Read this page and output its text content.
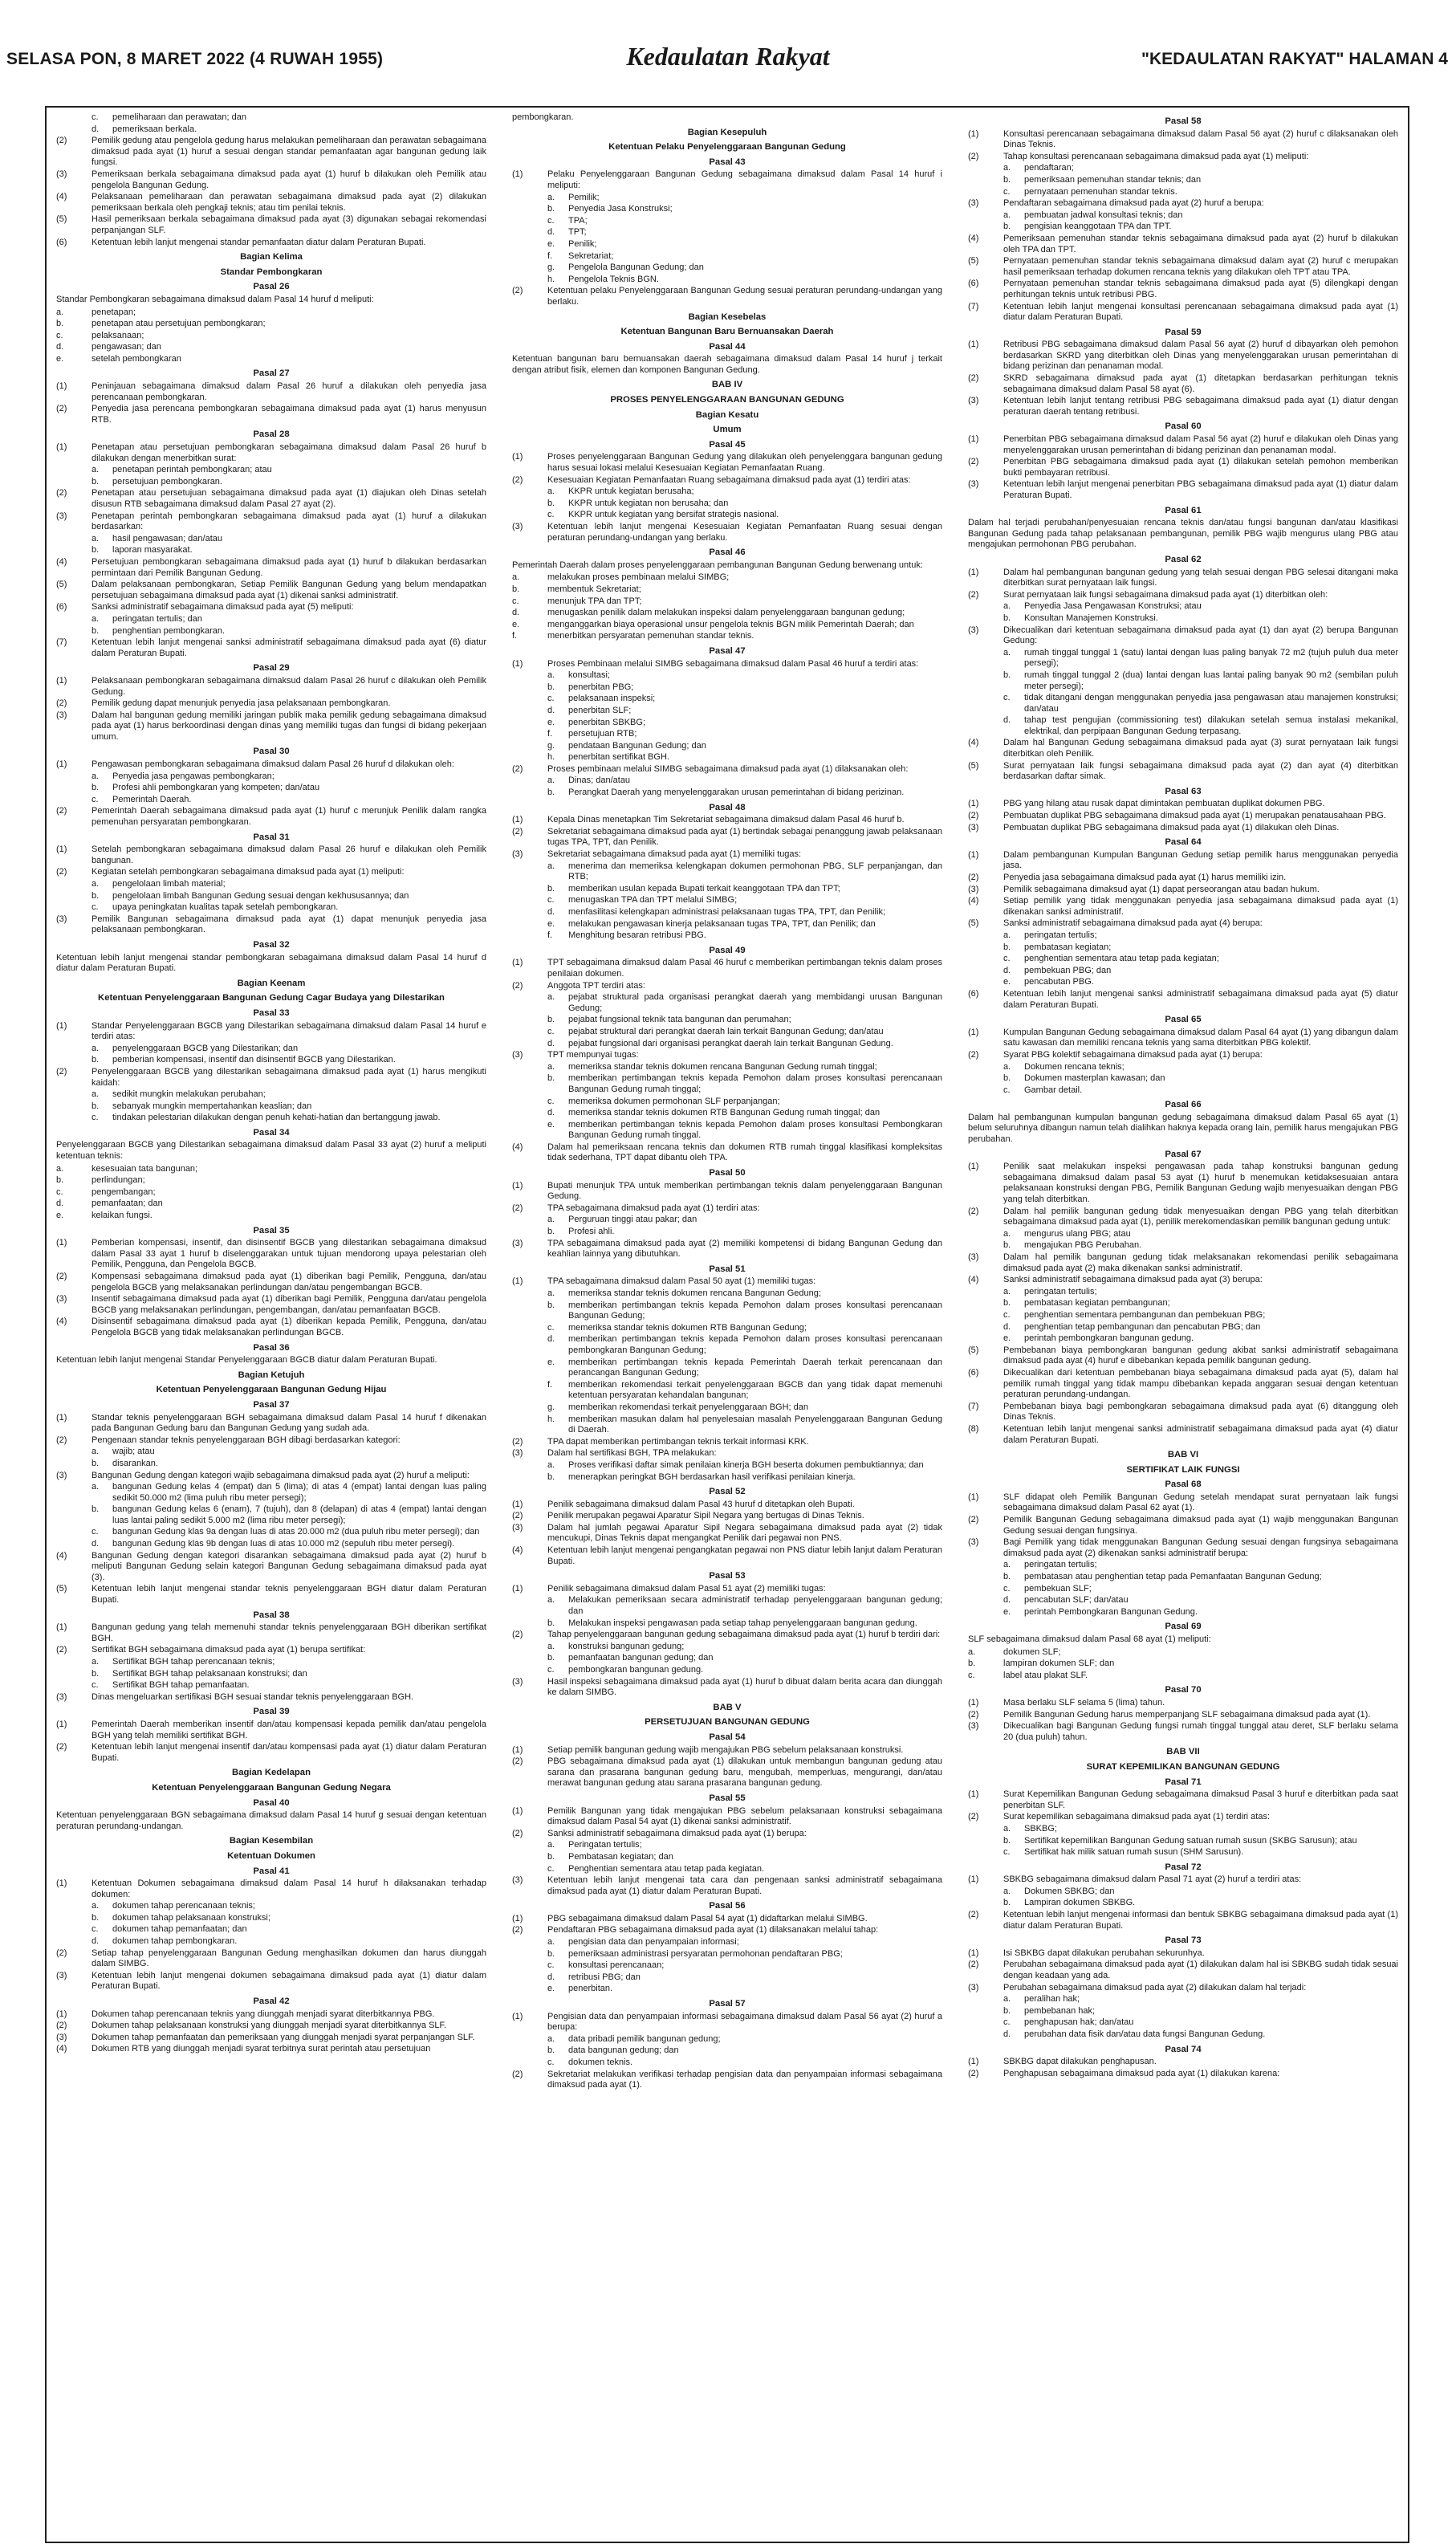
SELASA PON, 8 MARET 2022 (4 RUWAH 1955)	Kedaulatan Rakyat	"KEDAULATAN RAKYAT" HALAMAN 4
c.	pemeliharaan dan perawatan; dan
d.	pemeriksaan berkala.
(2)	Pemilik gedung atau pengelola gedung harus melakukan pemeliharaan dan perawatan sebagaimana dimaksud pada ayat (1) huruf a sesuai dengan standar pemanfaatan agar bangunan gedung laik fungsi.
(3)	Pemeriksaan berkala sebagaimana dimaksud pada ayat (1) huruf b dilakukan oleh Pemilik atau pengelola Bangunan Gedung.
(4)	Pelaksanaan pemeliharaan dan perawatan sebagaimana dimaksud pada ayat (2) dilakukan pemeriksaan berkala oleh pengkaji teknis; atau tim penilai teknis.
(5)	Hasil pemeriksaan berkala sebagaimana dimaksud pada ayat (3) digunakan sebagai rekomendasi perpanjangan SLF.
(6)	Ketentuan lebih lanjut mengenai standar pemanfaatan diatur dalam Peraturan Bupati.
Bagian Kelima
Standar Pembongkaran
Pasal 26
Standar Pembongkaran sebagaimana dimaksud dalam Pasal 14 huruf d meliputi:
a.	penetapan;
b.	penetapan atau persetujuan pembongkaran;
c.	pelaksanaan;
d.	pengawasan; dan
e.	setelah pembongkaran
Pasal 27
(1)	Peninjauan sebagaimana dimaksud dalam Pasal 26 huruf a dilakukan oleh penyedia jasa perencanaan pembongkaran.
(2)	Penyedia jasa perencana pembongkaran sebagaimana dimaksud pada ayat (1) harus menyusun RTB.
Pasal 28
(1)	Penetapan atau persetujuan pembongkaran sebagaimana dimaksud dalam Pasal 26 huruf b dilakukan dengan menerbitkan surat:
a.	penetapan perintah pembongkaran; atau
b.	persetujuan pembongkaran.
(2)	Penetapan atau persetujuan sebagaimana dimaksud pada ayat (1) diajukan oleh Dinas setelah disusun RTB sebagaimana dimaksud dalam Pasal 27 ayat (2).
(3)	Penetapan perintah pembongkaran sebagaimana dimaksud pada ayat (1) huruf a dilakukan berdasarkan:
a.	hasil pengawasan; dan/atau
b.	laporan masyarakat.
(4)	Persetujuan pembongkaran sebagaimana dimaksud pada ayat (1) huruf b dilakukan berdasarkan permintaan dari Pemilik Bangunan Gedung.
(5)	Dalam pelaksanaan pembongkaran, Setiap Pemilik Bangunan Gedung yang belum mendapatkan persetujuan sebagaimana dimaksud pada ayat (1) dikenai sanksi administratif.
(6)	Sanksi administratif sebagaimana dimaksud pada ayat (5) meliputi:
a.	peringatan tertulis; dan
b.	penghentian pembongkaran.
(7)	Ketentuan lebih lanjut mengenai sanksi administratif sebagaimana dimaksud pada ayat (6) diatur dalam Peraturan Bupati.
Pasal 29
(1)	Pelaksanaan pembongkaran sebagaimana dimaksud dalam Pasal 26 huruf c dilakukan oleh Pemilik Gedung.
(2)	Pemilik gedung dapat menunjuk penyedia jasa pelaksanaan pembongkaran.
(3)	Dalam hal bangunan gedung memiliki jaringan publik maka pemilik gedung sebagaimana dimaksud pada ayat (1) harus berkoordinasi dengan dinas yang memiliki tugas dan fungsi di bidang pekerjaan umum.
Pasal 30
(1)	Pengawasan pembongkaran sebagaimana dimaksud dalam Pasal 26 huruf d dilakukan oleh:
a.	Penyedia jasa pengawas pembongkaran;
b.	Profesi ahli pembongkaran yang kompeten; dan/atau
c.	Pemerintah Daerah.
(2)	Pemerintah Daerah sebagaimana dimaksud pada ayat (1) huruf c merunjuk Penilik dalam rangka pemenuhan persyaratan pembongkaran.
Pasal 31
(1)	Setelah pembongkaran sebagaimana dimaksud dalam Pasal 26 huruf e dilakukan oleh Pemilik bangunan.
(2)	Kegiatan setelah pembongkaran sebagaimana dimaksud pada ayat (1) meliputi:
a.	pengelolaan limbah material;
b.	pengelolaan limbah Bangunan Gedung sesuai dengan kekhususannya; dan
c.	upaya peningkatan kualitas tapak setelah pembongkaran.
(3)	Pemilik Bangunan sebagaimana dimaksud pada ayat (1) dapat menunjuk penyedia jasa pelaksanaan pembongkaran.
Pasal 32
Ketentuan lebih lanjut mengenai standar pembongkaran sebagaimana dimaksud dalam Pasal 14 huruf d diatur dalam Peraturan Bupati.
Bagian Keenam
Ketentuan Penyelenggaraan Bangunan Gedung Cagar Budaya yang Dilestarikan
Pasal 33
(1)	Standar Penyelenggaraan BGCB yang Dilestarikan sebagaimana dimaksud dalam Pasal 14 huruf e terdiri atas:
a.	penyelenggaraan BGCB yang Dilestarikan; dan
b.	pemberian kompensasi, insentif dan disinsentif BGCB yang Dilestarikan.
(2)	Penyelenggaraan BGCB yang dilestarikan sebagaimana dimaksud pada ayat (1) harus mengikuti kaidah:
a.	sedikit mungkin melakukan perubahan;
b.	sebanyak mungkin mempertahankan keaslian; dan
c.	tindakan pelestarian dilakukan dengan penuh kehati-hatian dan bertanggung jawab.
Pasal 34
Penyelenggaraan BGCB yang Dilestarikan sebagaimana dimaksud dalam Pasal 33 ayat (2) huruf a meliputi ketentuan teknis:
a.	kesesuaian tata bangunan;
b.	perlindungan;
c.	pengembangan;
d.	pemanfaatan; dan
e.	kelaikan fungsi.
Pasal 35
(1)	Pemberian kompensasi, insentif, dan disinsentif BGCB yang dilestarikan sebagaimana dimaksud dalam Pasal 33 ayat 1 huruf b diselenggarakan untuk tujuan mendorong upaya pelestarian oleh Pemilik, Pengguna, dan Pengelola BGCB.
(2)	Kompensasi sebagaimana dimaksud pada ayat (1) diberikan bagi Pemilik, Pengguna, dan/atau pengelola BGCB yang melaksanakan perlindungan dan/atau pengembangan BGCB.
(3)	Insentif sebagaimana dimaksud pada ayat (1) diberikan bagi Pemilik, Pengguna dan/atau pengelola BGCB yang melaksanakan perlindungan, pengembangan, dan/atau pemanfaatan BGCB.
(4)	Disinsentif sebagaimana dimaksud pada ayat (1) diberikan kepada Pemilik, Pengguna, dan/atau Pengelola BGCB yang tidak melaksanakan perlindungan BGCB.
Pasal 36
Ketentuan lebih lanjut mengenai Standar Penyelenggaraan BGCB diatur dalam Peraturan Bupati.
Bagian Ketujuh
Ketentuan Penyelenggaraan Bangunan Gedung Hijau
Pasal 37
(1)	Standar teknis penyelenggaraan BGH sebagaimana dimaksud dalam Pasal 14 huruf f dikenakan pada Bangunan Gedung baru dan Bangunan Gedung yang sudah ada.
(2)	Pengenaan standar teknis penyelenggaraan BGH dibagi berdasarkan kategori:
a.	wajib; atau
b.	disarankan.
(3)	Bangunan Gedung dengan kategori wajib sebagaimana dimaksud pada ayat (2) huruf a meliputi:
a.	bangunan Gedung kelas 4 (empat) dan 5 (lima); di atas 4 (empat) lantai dengan luas paling sedikit 50.000 m2 (lima puluh ribu meter persegi);
b.	bangunan Gedung kelas 6 (enam), 7 (tujuh), dan 8 (delapan) di atas 4 (empat) lantai dengan luas lantai paling sedikit 5.000 m2 (lima ribu meter persegi);
c.	bangunan Gedung klas 9a dengan luas di atas 20.000 m2 (dua puluh ribu meter persegi); dan
d.	bangunan Gedung klas 9b dengan luas di atas 10.000 m2 (sepuluh ribu meter persegi).
(4)	Bangunan Gedung dengan kategori disarankan sebagaimana dimaksud pada ayat (2) huruf b meliputi Bangunan Gedung selain kategori Bangunan Gedung sebagaimana dimaksud pada ayat (3).
(5)	Ketentuan lebih lanjut mengenai standar teknis penyelenggaraan BGH diatur dalam Peraturan Bupati.
Pasal 38
(1)	Bangunan gedung yang telah memenuhi standar teknis penyelenggaraan BGH diberikan sertifikat BGH.
(2)	Sertifikat BGH sebagaimana dimaksud pada ayat (1) berupa sertifikat:
a.	Sertifikat BGH tahap perencanaan teknis;
b.	Sertifikat BGH tahap pelaksanaan konstruksi; dan
c.	Sertifikat BGH tahap pemanfaatan.
(3)	Dinas mengeluarkan sertifikasi BGH sesuai standar teknis penyelenggaraan BGH.
Pasal 39
(1)	Pemerintah Daerah memberikan insentif dan/atau kompensasi kepada pemilik dan/atau pengelola BGH yang telah memiliki sertifikat BGH.
(2)	Ketentuan lebih lanjut mengenai insentif dan/atau kompensasi pada ayat (1) diatur dalam Peraturan Bupati.
Bagian Kedelapan
Ketentuan Penyelenggaraan Bangunan Gedung Negara
Pasal 40
Ketentuan penyelenggaraan BGN sebagaimana dimaksud dalam Pasal 14 huruf g sesuai dengan ketentuan peraturan perundang-undangan.
Bagian Kesembilan
Ketentuan Dokumen
Pasal 41
(1)	Ketentuan Dokumen sebagaimana dimaksud dalam Pasal 14 huruf h dilaksanakan terhadap dokumen:
a.	dokumen tahap perencanaan teknis;
b.	dokumen tahap pelaksanaan konstruksi;
c.	dokumen tahap pemanfaatan; dan
d.	dokumen tahap pembongkaran.
(2)	Setiap tahap penyelenggaraan Bangunan Gedung menghasilkan dokumen dan harus diunggah dalam SIMBG.
(3)	Ketentuan lebih lanjut mengenai dokumen sebagaimana dimaksud pada ayat (1) diatur dalam Peraturan Bupati.
Pasal 42
(1)	Dokumen tahap perencanaan teknis yang diunggah menjadi syarat diterbitkannya PBG.
(2)	Dokumen tahap pelaksanaan konstruksi yang diunggah menjadi syarat diterbitkannya SLF.
(3)	Dokumen tahap pemanfaatan dan pemeriksaan yang diunggah menjadi syarat perpanjangan SLF.
(4)	Dokumen RTB yang diunggah menjadi syarat terbitnya surat perintah atau persetujuan
pembongkaran.
Bagian Kesepuluh
Ketentuan Pelaku Penyelenggaraan Bangunan Gedung
Pasal 43
(1)	Pelaku Penyelenggaraan Bangunan Gedung sebagaimana dimaksud dalam Pasal 14 huruf i meliputi:
a.	Pemilik;
b.	Penyedia Jasa Konstruksi;
c.	TPA;
d.	TPT;
e.	Penilik;
f.	Sekretariat;
g.	Pengelola Bangunan Gedung; dan
h.	Pengelola Teknis BGN.
(2)	Ketentuan pelaku Penyelenggaraan Bangunan Gedung sesuai peraturan perundang-undangan yang berlaku.
Bagian Kesebelas
Ketentuan Bangunan Baru Bernuansakan Daerah
Pasal 44
Ketentuan bangunan baru bernuansakan daerah sebagaimana dimaksud dalam Pasal 14 huruf j terkait dengan atribut fisik, elemen dan komponen Bangunan Gedung.
BAB IV
PROSES PENYELENGGARAAN BANGUNAN GEDUNG
Bagian Kesatu
Umum
Pasal 45
(1)	Proses penyelenggaraan Bangunan Gedung yang dilakukan oleh penyelenggara bangunan gedung harus sesuai lokasi melalui Kesesuaian Kegiatan Pemanfaatan Ruang.
(2)	Kesesuaian Kegiatan Pemanfaatan Ruang sebagaimana dimaksud pada ayat (1) terdiri atas:
a.	KKPR untuk kegiatan berusaha;
b.	KKPR untuk kegiatan non berusaha; dan
c.	KKPR untuk kegiatan yang bersifat strategis nasional.
(3)	Ketentuan lebih lanjut mengenai Kesesuaian Kegiatan Pemanfaatan Ruang sesuai dengan peraturan perundang-undangan yang berlaku.
Pasal 46
Pemerintah Daerah dalam proses penyelenggaraan pembangunan Bangunan Gedung berwenang untuk:
a.	melakukan proses pembinaan melalui SIMBG;
b.	membentuk Sekretariat;
c.	menunjuk TPA dan TPT;
d.	menugaskan penilik dalam melakukan inspeksi dalam penyelenggaraan bangunan gedung;
e.	menganggarkan biaya operasional unsur pengelola teknis BGN milik Pemerintah Daerah; dan
f.	menerbitkan persyaratan pemenuhan standar teknis.
Pasal 47
(1)	Proses Pembinaan melalui SIMBG sebagaimana dimaksud dalam Pasal 46 huruf a terdiri atas:
a.	konsultasi;
b.	penerbitan PBG;
c.	pelaksanaan inspeksi;
d.	penerbitan SLF;
e.	penerbitan SBKBG;
f.	persetujuan RTB;
g.	pendataan Bangunan Gedung; dan
h.	penerbitan sertifikat BGH.
(2)	Proses pembinaan melalui SIMBG sebagaimana dimaksud pada ayat (1) dilaksanakan oleh:
a.	Dinas; dan/atau
b.	Perangkat Daerah yang menyelenggarakan urusan pemerintahan di bidang perizinan.
Pasal 48
(1)	Kepala Dinas menetapkan Tim Sekretariat sebagaimana dimaksud dalam Pasal 46 huruf b.
(2)	Sekretariat sebagaimana dimaksud pada ayat (1) bertindak sebagai penanggung jawab pelaksanaan tugas TPA, TPT, dan Penilik.
(3)	Sekretariat sebagaimana dimaksud pada ayat (1) memiliki tugas:
a.	menerima dan memeriksa kelengkapan dokumen permohonan PBG, SLF perpanjangan, dan RTB;
b.	memberikan usulan kepada Bupati terkait keanggotaan TPA dan TPT;
c.	menugaskan TPA dan TPT melalui SIMBG;
d.	menfasilitasi kelengkapan administrasi pelaksanaan tugas TPA, TPT, dan Penilik;
e.	melakukan pengawasan kinerja pelaksanaan tugas TPA, TPT, dan Penilik; dan
f.	Menghitung besaran retribusi PBG.
Pasal 49
(1)	TPT sebagaimana dimaksud dalam Pasal 46 huruf c memberikan pertimbangan teknis dalam proses penilaian dokumen.
(2)	Anggota TPT terdiri atas:
a.	pejabat struktural pada organisasi perangkat daerah yang membidangi urusan Bangunan Gedung;
b.	pejabat fungsional teknik tata bangunan dan perumahan;
c.	pejabat struktural dari perangkat daerah lain terkait Bangunan Gedung; dan/atau
d.	pejabat fungsional dari organisasi perangkat daerah lain terkait Bangunan Gedung.
(3)	TPT mempunyai tugas:
a.	memeriksa standar teknis dokumen rencana Bangunan Gedung rumah tinggal;
b.	memberikan pertimbangan teknis kepada Pemohon dalam proses konsultasi perencanaan Bangunan Gedung rumah tinggal;
c.	memeriksa dokumen permohonan SLF perpanjangan;
d.	memeriksa standar teknis dokumen RTB Bangunan Gedung rumah tinggal; dan
e.	memberikan pertimbangan teknis kepada Pemohon dalam proses konsultasi Pembongkaran Bangunan Gedung rumah tinggal.
(4)	Dalam hal pemeriksaan rencana teknis dan dokumen RTB rumah tinggal klasifikasi kompleksitas tidak sederhana, TPT dapat dibantu oleh TPA.
Pasal 50
(1)	Bupati menunjuk TPA untuk memberikan pertimbangan teknis dalam penyelenggaraan Bangunan Gedung.
(2)	TPA sebagaimana dimaksud pada ayat (1) terdiri atas:
a.	Perguruan tinggi atau pakar; dan
b.	Profesi ahli.
(3)	TPA sebagaimana dimaksud pada ayat (2) memiliki kompetensi di bidang Bangunan Gedung dan keahlian lainnya yang dibutuhkan.
Pasal 51
(1)	TPA sebagaimana dimaksud dalam Pasal 50 ayat (1) memiliki tugas:
a.	memeriksa standar teknis dokumen rencana Bangunan Gedung;
b.	memberikan pertimbangan teknis kepada Pemohon dalam proses konsultasi perencanaan Bangunan Gedung;
c.	memeriksa standar teknis dokumen RTB Bangunan Gedung;
d.	memberikan pertimbangan teknis kepada Pemohon dalam proses konsultasi perencanaan pembongkaran Bangunan Gedung;
e.	memberikan pertimbangan teknis kepada Pemerintah Daerah terkait perencanaan dan perancangan Bangunan Gedung;
f.	memberikan rekomendasi terkait penyelenggaraan BGCB dan yang tidak dapat memenuhi ketentuan persyaratan kehandalan bangunan;
g.	memberikan rekomendasi terkait penyelenggaraan BGH; dan
h.	memberikan masukan dalam hal penyelesaian masalah Penyelenggaraan Bangunan Gedung di Daerah.
(2)	TPA dapat memberikan pertimbangan teknis terkait informasi KRK.
(3)	Dalam hal sertifikasi BGH, TPA melakukan:
a.	Proses verifikasi daftar simak penilaian kinerja BGH beserta dokumen pembuktiannya; dan
b.	menerapkan peringkat BGH berdasarkan hasil verifikasi penilaian kinerja.
Pasal 52
(1)	Penilik sebagaimana dimaksud dalam Pasal 43 huruf d ditetapkan oleh Bupati.
(2)	Penilik merupakan pegawai Aparatur Sipil Negara yang bertugas di Dinas Teknis.
(3)	Dalam hal jumlah pegawai Aparatur Sipil Negara sebagaimana dimaksud pada ayat (2) tidak mencukupi, Dinas Teknis dapat mengangkat Penilik dari pegawai non PNS.
(4)	Ketentuan lebih lanjut mengenai pengangkatan pegawai non PNS diatur lebih lanjut dalam Peraturan Bupati.
Pasal 53
(1)	Penilik sebagaimana dimaksud dalam Pasal 51 ayat (2) memiliki tugas:
a.	Melakukan pemeriksaan secara administratif terhadap penyelenggaraan bangunan gedung; dan
b.	Melakukan inspeksi pengawasan pada setiap tahap penyelenggaraan bangunan gedung.
(2)	Tahap penyelenggaraan bangunan gedung sebagaimana dimaksud pada ayat (1) huruf b terdiri dari:
a.	konstruksi bangunan gedung;
b.	pemanfaatan bangunan gedung; dan
c.	pembongkaran bangunan gedung.
(3)	Hasil inspeksi sebagaimana dimaksud pada ayat (1) huruf b dibuat dalam berita acara dan diunggah ke dalam SIMBG.
BAB V
PERSETUJUAN BANGUNAN GEDUNG
Pasal 54
(1)	Setiap pemilik bangunan gedung wajib mengajukan PBG sebelum pelaksanaan konstruksi.
(2)	PBG sebagaimana dimaksud pada ayat (1) dilakukan untuk membangun bangunan gedung atau sarana dan prasarana bangunan gedung baru, mengubah, memperluas, mengurangi, dan/atau merawat bangunan gedung atau sarana prasarana bangunan gedung.
Pasal 55
(1)	Pemilik Bangunan yang tidak mengajukan PBG sebelum pelaksanaan konstruksi sebagaimana dimaksud dalam Pasal 54 ayat (1) dikenai sanksi administratif.
(2)	Sanksi administratif sebagaimana dimaksud pada ayat (1) berupa:
a.	Peringatan tertulis;
b.	Pembatasan kegiatan; dan
c.	Penghentian sementara atau tetap pada kegiatan.
(3)	Ketentuan lebih lanjut mengenai tata cara dan pengenaan sanksi administratif sebagaimana dimaksud pada ayat (1) diatur dalam Peraturan Bupati.
Pasal 56
(1)	PBG sebagaimana dimaksud dalam Pasal 54 ayat (1) didaftarkan melalui SIMBG.
(2)	Pendaftaran PBG sebagaimana dimaksud pada ayat (1) dilaksanakan melalui tahap:
a.	pengisian data dan penyampaian informasi;
b.	pemeriksaan administrasi persyaratan permohonan pendaftaran PBG;
c.	konsultasi perencanaan;
d.	retribusi PBG; dan
e.	penerbitan.
Pasal 57
(1)	Pengisian data dan penyampaian informasi sebagaimana dimaksud dalam Pasal 56 ayat (2) huruf a berupa:
a.	data pribadi pemilik bangunan gedung;
b.	data bangunan gedung; dan
c.	dokumen teknis.
(2)	Sekretariat melakukan verifikasi terhadap pengisian data dan penyampaian informasi sebagaimana dimaksud pada ayat (1).
Pasal 58
(1)	Konsultasi perencanaan sebagaimana dimaksud dalam Pasal 56 ayat (2) huruf c dilaksanakan oleh Dinas Teknis.
(2)	Tahap konsultasi perencanaan sebagaimana dimaksud pada ayat (1) meliputi:
a.	pendaftaran;
b.	pemeriksaan pemenuhan standar teknis; dan
c.	pernyataan pemenuhan standar teknis.
(3)	Pendaftaran sebagaimana dimaksud pada ayat (2) huruf a berupa:
a.	pembuatan jadwal konsultasi teknis; dan
b.	pengisian keanggotaan TPA dan TPT.
(4)	Pemeriksaan pemenuhan standar teknis sebagaimana dimaksud pada ayat (2) huruf b dilakukan oleh TPA dan TPT.
(5)	Pernyataan pemenuhan standar teknis sebagaimana dimaksud dalam ayat (2) huruf c merupakan hasil pemeriksaan terhadap dokumen rencana teknis yang dilakukan oleh TPT atau TPA.
(6)	Pernyataan pemenuhan standar teknis sebagaimana dimaksud pada ayat (5) dilengkapi dengan perhitungan teknis untuk retribusi PBG.
(7)	Ketentuan lebih lanjut mengenai konsultasi perencanaan sebagaimana dimaksud pada ayat (1) diatur dalam Peraturan Bupati.
Pasal 59
(1)	Retribusi PBG sebagaimana dimaksud dalam Pasal 56 ayat (2) huruf d dibayarkan oleh pemohon berdasarkan SKRD yang diterbitkan oleh Dinas yang menyelenggarakan urusan pemerintahan di bidang perizinan dan penanaman modal.
(2)	SKRD sebagaimana dimaksud pada ayat (1) ditetapkan berdasarkan perhitungan teknis sebagaimana dimaksud dalam Pasal 58 ayat (6).
(3)	Ketentuan lebih lanjut tentang retribusi PBG sebagaimana dimaksud pada ayat (1) diatur dengan peraturan daerah tentang retribusi.
Pasal 60
(1)	Penerbitan PBG sebagaimana dimaksud dalam Pasal 56 ayat (2) huruf e dilakukan oleh Dinas yang menyelenggarakan urusan pemerintahan di bidang perizinan dan penanaman modal.
(2)	Penerbitan PBG sebagaimana dimaksud pada ayat (1) dilakukan setelah pemohon memberikan bukti pembayaran retribusi.
(3)	Ketentuan lebih lanjut mengenai penerbitan PBG sebagaimana dimaksud pada ayat (1) diatur dalam Peraturan Bupati.
Pasal 61
Dalam hal terjadi perubahan/penyesuaian rencana teknis dan/atau fungsi bangunan dan/atau klasifikasi Bangunan Gedung pada tahap pelaksanaan pembangunan, pemilik PBG wajib mengurus ulang PBG atau mengajukan permohonan PBG perubahan.
Pasal 62
(1)	Dalam hal pembangunan bangunan gedung yang telah sesuai dengan PBG selesai ditangani maka diterbitkan surat pernyataan laik fungsi.
(2)	Surat pernyataan laik fungsi sebagaimana dimaksud pada ayat (1) diterbitkan oleh:
a.	Penyedia Jasa Pengawasan Konstruksi; atau
b.	Konsultan Manajemen Konstruksi.
(3)	Dikecualikan dari ketentuan sebagaimana dimaksud pada ayat (1) dan ayat (2) berupa Bangunan Gedung:
a.	rumah tinggal tunggal 1 (satu) lantai dengan luas paling banyak 72 m2 (tujuh puluh dua meter persegi);
b.	rumah tinggal tunggal 2 (dua) lantai dengan luas lantai paling banyak 90 m2 (sembilan puluh meter persegi);
c.	tidak ditangani dengan menggunakan penyedia jasa pengawasan atau manajemen konstruksi; dan/atau
d.	tahap test pengujian (commissioning test) dilakukan setelah semua instalasi mekanikal, elektrikal, dan perpipaan Bangunan Gedung terpasang.
(4)	Dalam hal Bangunan Gedung sebagaimana dimaksud pada ayat (3) surat pernyataan laik fungsi diterbitkan oleh Penilik.
(5)	Surat pernyataan laik fungsi sebagaimana dimaksud pada ayat (2) dan ayat (4) diterbitkan berdasarkan daftar simak.
Pasal 63
(1)	PBG yang hilang atau rusak dapat dimintakan pembuatan duplikat dokumen PBG.
(2)	Pembuatan duplikat PBG sebagaimana dimaksud pada ayat (1) merupakan penatausahaan PBG.
(3)	Pembuatan duplikat PBG sebagaimana dimaksud pada ayat (1) dilakukan oleh Dinas.
Pasal 64
(1)	Dalam pembangunan Kumpulan Bangunan Gedung setiap pemilik harus menggunakan penyedia jasa.
(2)	Penyedia jasa sebagaimana dimaksud pada ayat (1) harus memiliki izin.
(3)	Pemilik sebagaimana dimaksud ayat (1) dapat perseorangan atau badan hukum.
(4)	Setiap pemilik yang tidak menggunakan penyedia jasa sebagaimana dimaksud pada ayat (1) dikenakan sanksi administratif.
(5)	Sanksi administratif sebagaimana dimaksud pada ayat (4) berupa:
a.	peringatan tertulis;
b.	pembatasan kegiatan;
c.	penghentian sementara atau tetap pada kegiatan;
d.	pembekuan PBG; dan
e.	pencabutan PBG.
(6)	Ketentuan lebih lanjut mengenai sanksi administratif sebagaimana dimaksud pada ayat (5) diatur dalam Peraturan Bupati.
Pasal 65
(1)	Kumpulan Bangunan Gedung sebagaimana dimaksud dalam Pasal 64 ayat (1) yang dibangun dalam satu kawasan dan memiliki rencana teknis yang sama diterbitkan PBG kolektif.
(2)	Syarat PBG kolektif sebagaimana dimaksud pada ayat (1) berupa:
a.	Dokumen rencana teknis;
b.	Dokumen masterplan kawasan; dan
c.	Gambar detail.
Pasal 66
Dalam hal pembangunan kumpulan bangunan gedung sebagaimana dimaksud dalam Pasal 65 ayat (1) belum seluruhnya dibangun namun telah dialihkan haknya kepada orang lain, pemilik harus mengajukan PBG perubahan.
Pasal 67
(1)	Penilik saat melakukan inspeksi pengawasan pada tahap konstruksi bangunan gedung sebagaimana dimaksud dalam pasal 53 ayat (1) huruf b menemukan ketidaksesuaian antara pelaksanaan konstruksi dengan PBG, Pemilik Bangunan Gedung wajib menyesuaikan dengan PBG yang telah diterbitkan.
(2)	Dalam hal pemilik bangunan gedung tidak menyesuaikan dengan PBG yang telah diterbitkan sebagaimana dimaksud pada ayat (1), penilik merekomendasikan pemilik bangunan gedung untuk:
a.	mengurus ulang PBG; atau
b.	mengajukan PBG Perubahan.
(3)	Dalam hal pemilik bangunan gedung tidak melaksanakan rekomendasi penilik sebagaimana dimaksud pada ayat (2) maka dikenakan sanksi administratif.
(4)	Sanksi administratif sebagaimana dimaksud pada ayat (3) berupa:
a.	peringatan tertulis;
b.	pembatasan kegiatan pembangunan;
c.	penghentian sementara pembangunan dan pembekuan PBG;
d.	penghentian tetap pembangunan dan pencabutan PBG; dan
e.	perintah pembongkaran bangunan gedung.
(5)	Pembebanan biaya pembongkaran bangunan gedung akibat sanksi administratif sebagaimana dimaksud pada ayat (4) huruf e dibebankan kepada pemilik bangunan gedung.
(6)	Dikecualikan dari ketentuan pembebanan biaya sebagaimana dimaksud pada ayat (5), dalam hal pemilik rumah tinggal yang tidak mampu dibebankan kepada anggaran sesuai dengan ketentuan peraturan perundang-undangan.
(7)	Pembebanan biaya bagi pembongkaran sebagaimana dimaksud pada ayat (6) ditanggung oleh Dinas Teknis.
(8)	Ketentuan lebih lanjut mengenai sanksi administratif sebagaimana dimaksud pada ayat (4) diatur dalam Peraturan Bupati.
BAB VI
SERTIFIKAT LAIK FUNGSI
Pasal 68
(1)	SLF didapat oleh Pemilik Bangunan Gedung setelah mendapat surat pernyataan laik fungsi sebagaimana dimaksud dalam Pasal 62 ayat (1).
(2)	Pemilik Bangunan Gedung sebagaimana dimaksud pada ayat (1) wajib menggunakan Bangunan Gedung sesuai dengan fungsinya.
(3)	Bagi Pemilik yang tidak menggunakan Bangunan Gedung sesuai dengan fungsinya sebagaimana dimaksud pada ayat (2) dikenakan sanksi administratif berupa:
a.	peringatan tertulis;
b.	pembatasan atau penghentian tetap pada Pemanfaatan Bangunan Gedung;
c.	pembekuan SLF;
d.	pencabutan SLF; dan/atau
e.	perintah Pembongkaran Bangunan Gedung.
Pasal 69
SLF sebagaimana dimaksud dalam Pasal 68 ayat (1) meliputi:
a.	dokumen SLF;
b.	lampiran dokumen SLF; dan
c.	label atau plakat SLF.
Pasal 70
(1)	Masa berlaku SLF selama 5 (lima) tahun.
(2)	Pemilik Bangunan Gedung harus memperpanjang SLF sebagaimana dimaksud pada ayat (1).
(3)	Dikecualikan bagi Bangunan Gedung fungsi rumah tinggal tunggal atau deret, SLF berlaku selama 20 (dua puluh) tahun.
BAB VII
SURAT KEPEMILIKAN BANGUNAN GEDUNG
Pasal 71
(1)	Surat Kepemilikan Bangunan Gedung sebagaimana dimaksud Pasal 3 huruf e diterbitkan pada saat penerbitan SLF.
(2)	Surat kepemilikan sebagaimana dimaksud pada ayat (1) terdiri atas:
a.	SBKBG;
b.	Sertifikat kepemilikan Bangunan Gedung satuan rumah susun (SKBG Sarusun); atau
c.	Sertifikat hak milik satuan rumah susun (SHM Sarusun).
Pasal 72
(1)	SBKBG sebagaimana dimaksud dalam Pasal 71 ayat (2) huruf a terdiri atas:
a.	Dokumen SBKBG; dan
b.	Lampiran dokumen SBKBG.
(2)	Ketentuan lebih lanjut mengenai informasi dan bentuk SBKBG sebagaimana dimaksud pada ayat (1) diatur dalam Peraturan Bupati.
Pasal 73
(1)	Isi SBKBG dapat dilakukan perubahan sekurunhya.
(2)	Perubahan sebagaimana dimaksud pada ayat (1) dilakukan dalam hal isi SBKBG sudah tidak sesuai dengan keadaan yang ada.
(3)	Perubahan sebagaimana dimaksud pada ayat (2) dilakukan dalam hal terjadi:
a.	peralihan hak;
b.	pembebanan hak;
c.	penghapusan hak; dan/atau
d.	perubahan data fisik dan/atau data fungsi Bangunan Gedung.
Pasal 74
(1)	SBKBG dapat dilakukan penghapusan.
(2)	Penghapusan sebagaimana dimaksud pada ayat (1) dilakukan karena:
